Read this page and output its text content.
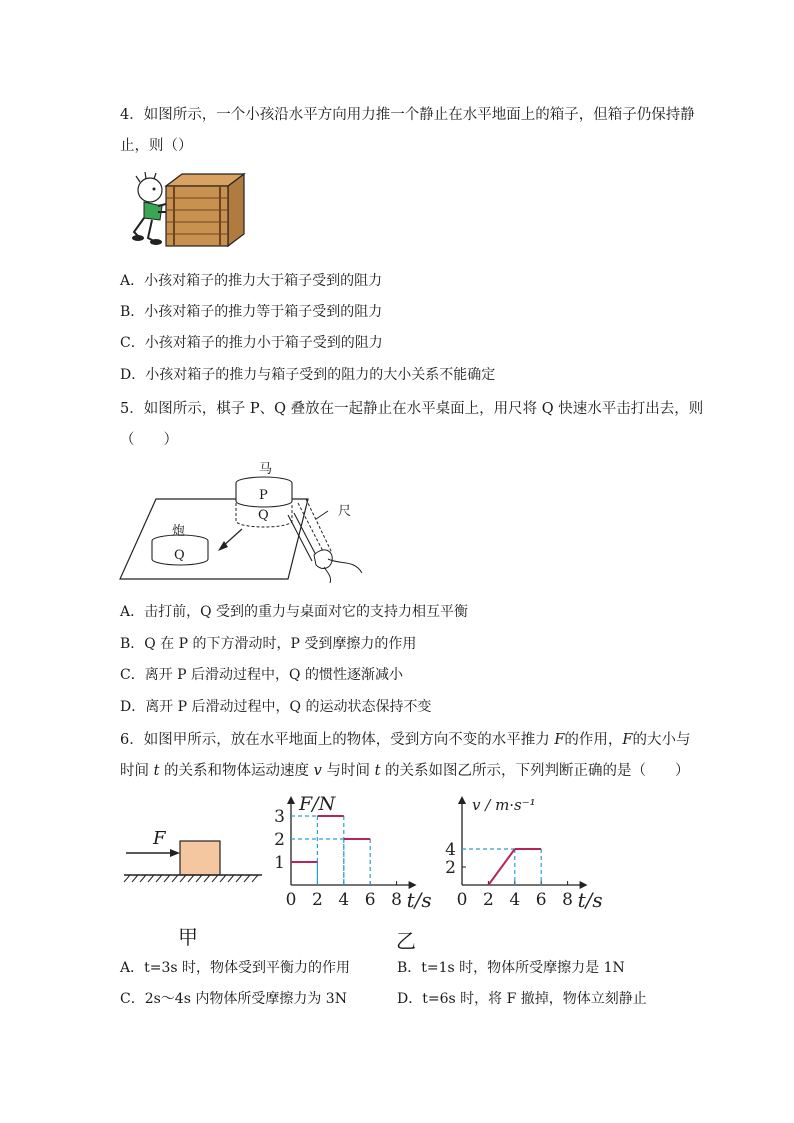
4．如图所示，一个小孩沿水平方向用力推一个静止在水平地面上的箱子，但箱子仍保持静
止，则（）
A．小孩对箱子的推力大于箱子受到的阻力
B．小孩对箱子的推力等于箱子受到的阻力
C．小孩对箱子的推力小于箱子受到的阻力
D．小孩对箱子的推力与箱子受到的阻力的大小关系不能确定
5．如图所示，棋子 P、Q 叠放在一起静止在水平桌面上，用尺将 Q 快速水平击打出去，则
（　　）
马
P
Q
炮
Q
尺
A．击打前，Q 受到的重力与桌面对它的支持力相互平衡
B．Q 在 P 的下方滑动时，P 受到摩擦力的作用
C．离开 P 后滑动过程中，Q 的惯性逐渐减小
D．离开 P 后滑动过程中，Q 的运动状态保持不变
6．如图甲所示，放在水平地面上的物体，受到方向不变的水平推力 F的作用，F的大小与
时间 t 的关系和物体运动速度 v 与时间 t 的关系如图乙所示，下列判断正确的是（　　）
F
0 2 4 6 8
1
2
3
F/N
t/s 0 2 4 6 8
2
4
v / m·s⁻¹
t/s
甲	乙
A．t=3s 时，物体受到平衡力的作用	B．t=1s 时，物体所受摩擦力是 1N
C．2s～4s 内物体所受摩擦力为 3N	D．t=6s 时，将 F 撤掉，物体立刻静止
